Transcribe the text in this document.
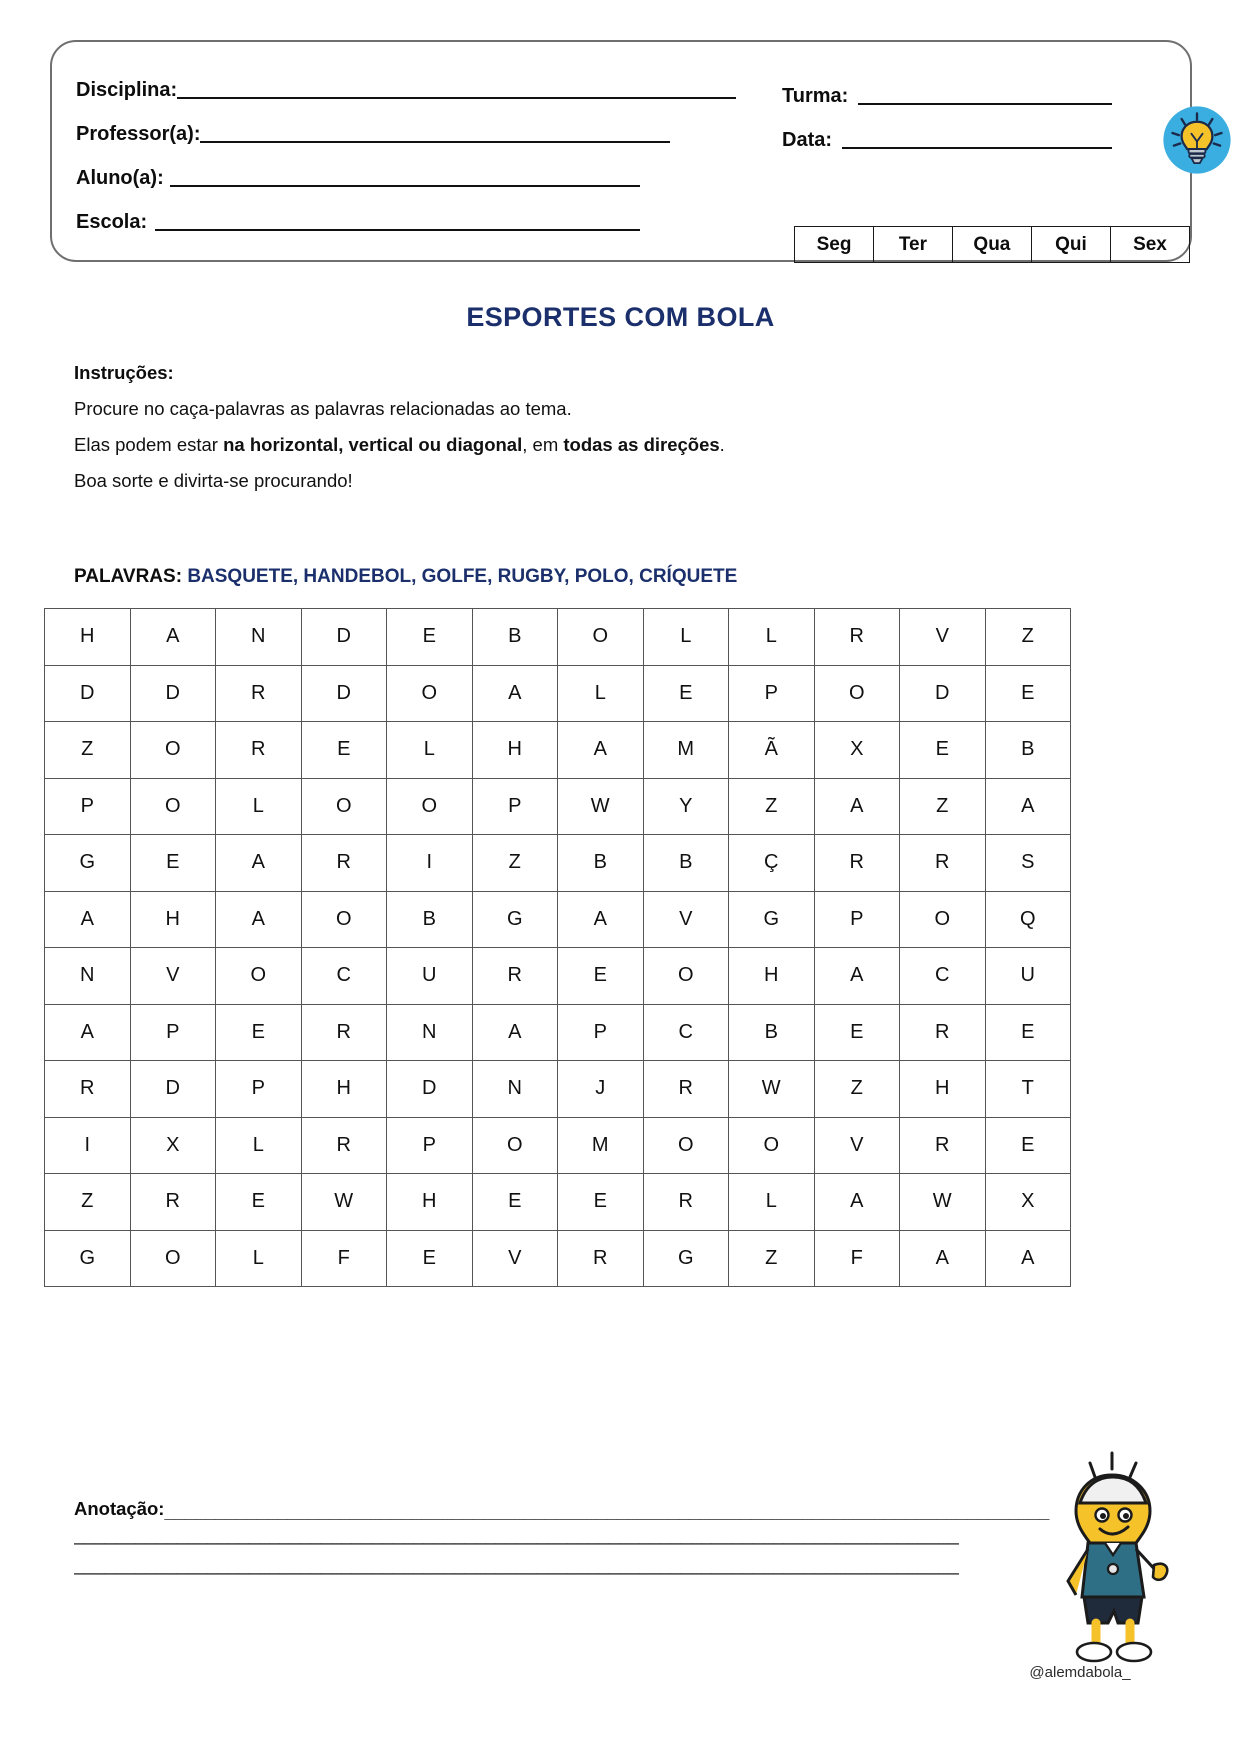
Disciplina:
Professor(a):
Aluno(a):
Escola:
Turma:
Data:
Seg	Ter	Qua	Qui	Sex
ESPORTES COM BOLA
Instruções:
Procure no caça-palavras as palavras relacionadas ao tema.
Elas podem estar na horizontal, vertical ou diagonal, em todas as direções.
Boa sorte e divirta-se procurando!
PALAVRAS: BASQUETE, HANDEBOL, GOLFE, RUGBY, POLO, CRÍQUETE
H	A	N	D	E	B	O	L	L	R	V	Z
D	D	R	D	O	A	L	E	P	O	D	E
Z	O	R	E	L	H	A	M	Ã	X	E	B
P	O	L	O	O	P	W	Y	Z	A	Z	A
G	E	A	R	I	Z	B	B	Ç	R	R	S
A	H	A	O	B	G	A	V	G	P	O	Q
N	V	O	C	U	R	E	O	H	A	C	U
A	P	E	R	N	A	P	C	B	E	R	E
R	D	P	H	D	N	J	R	W	Z	H	T
I	X	L	R	P	O	M	O	O	V	R	E
Z	R	E	W	H	E	E	R	L	A	W	X
G	O	L	F	E	V	R	G	Z	F	A	A
Anotação: ______________________________________________________________________________________
______________________________________________________________________________________
______________________________________________________________________________________
@alemdabola_
